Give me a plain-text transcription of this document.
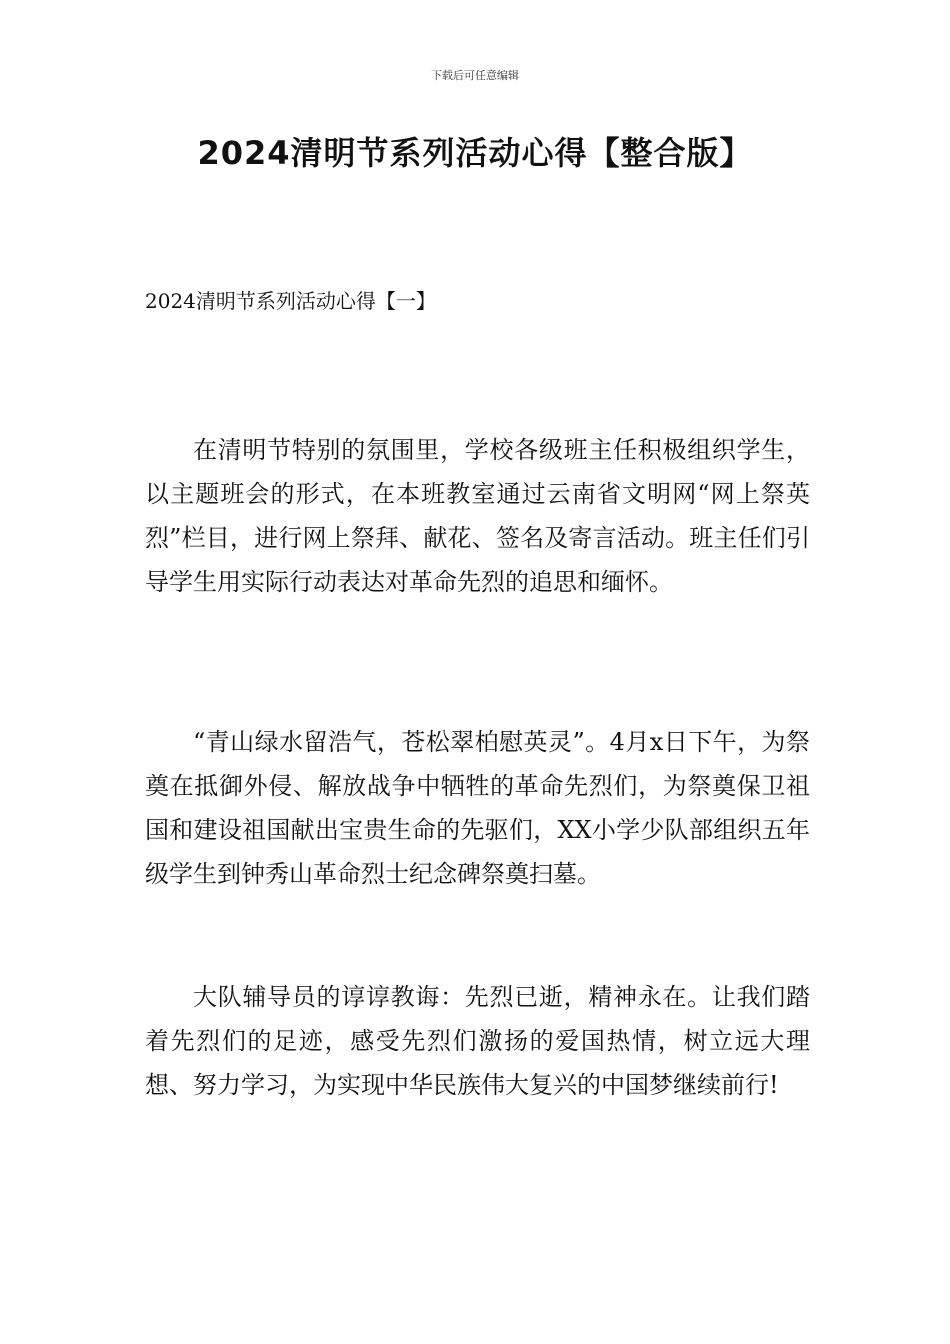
下载后可任意编辑
2024清明节系列活动心得【整合版】
2024清明节系列活动心得【一】

在清明节特别的氛围里，学校各级班主任积极组织学生，以主题班会的形式，在本班教室通过云南省文明网“网上祭英烈”栏目，进行网上祭拜、献花、签名及寄言活动。班主任们引导学生用实际行动表达对革命先烈的追思和缅怀。

“青山绿水留浩气，苍松翠柏慰英灵”。4月x日下午，为祭奠在抵御外侵、解放战争中牺牲的革命先烈们，为祭奠保卫祖国和建设祖国献出宝贵生命的先驱们，XX小学少队部组织五年级学生到钟秀山革命烈士纪念碑祭奠扫墓。

大队辅导员的谆谆教诲：先烈已逝，精神永在。让我们踏着先烈们的足迹，感受先烈们激扬的爱国热情，树立远大理想、努力学习，为实现中华民族伟大复兴的中国梦继续前行!
